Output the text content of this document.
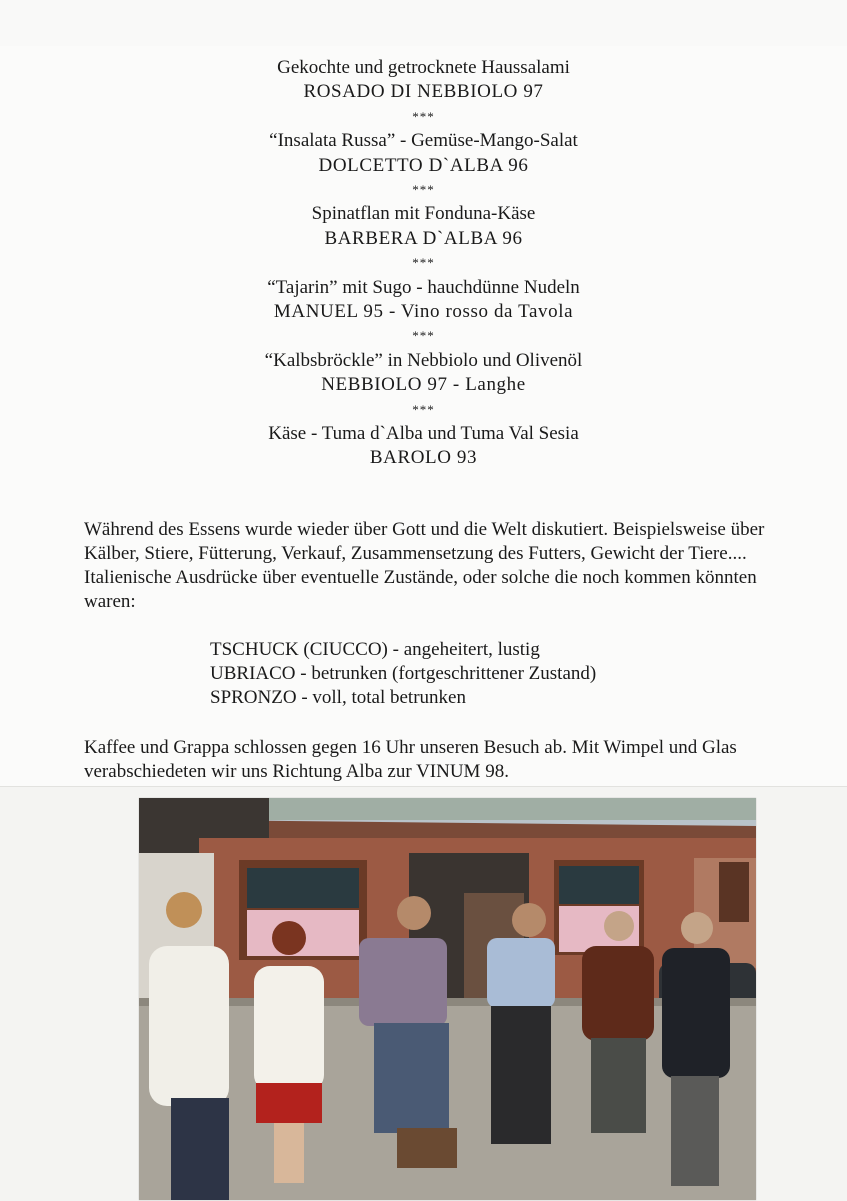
Gekochte und getrocknete Haussalami
ROSADO DI NEBBIOLO 97
***
“Insalata Russa” - Gemüse-Mango-Salat
DOLCETTO D`ALBA 96
***
Spinatflan mit Fonduna-Käse
BARBERA D`ALBA 96
***
“Tajarin” mit Sugo - hauchdünne Nudeln
MANUEL 95 - Vino rosso da Tavola
***
“Kalbsbröckle” in Nebbiolo und Olivenöl
NEBBIOLO 97 - Langhe
***
Käse - Tuma d`Alba und Tuma Val Sesia
BAROLO 93

Während des Essens wurde wieder über Gott und die Welt diskutiert. Beispielsweise über Kälber, Stiere, Fütterung, Verkauf, Zusammensetzung des Futters, Gewicht der Tiere....

Italienische Ausdrücke über eventuelle Zustände, oder solche die noch kommen könnten waren:

TSCHUCK (CIUCCO) - angeheitert, lustig
UBRIACO - betrunken (fortgeschrittener Zustand)
SPRONZO - voll, total betrunken
Kaffee und Grappa schlossen gegen 16 Uhr unseren Besuch ab. Mit Wimpel und Glas verabschiedeten wir uns Richtung Alba zur VINUM 98.
